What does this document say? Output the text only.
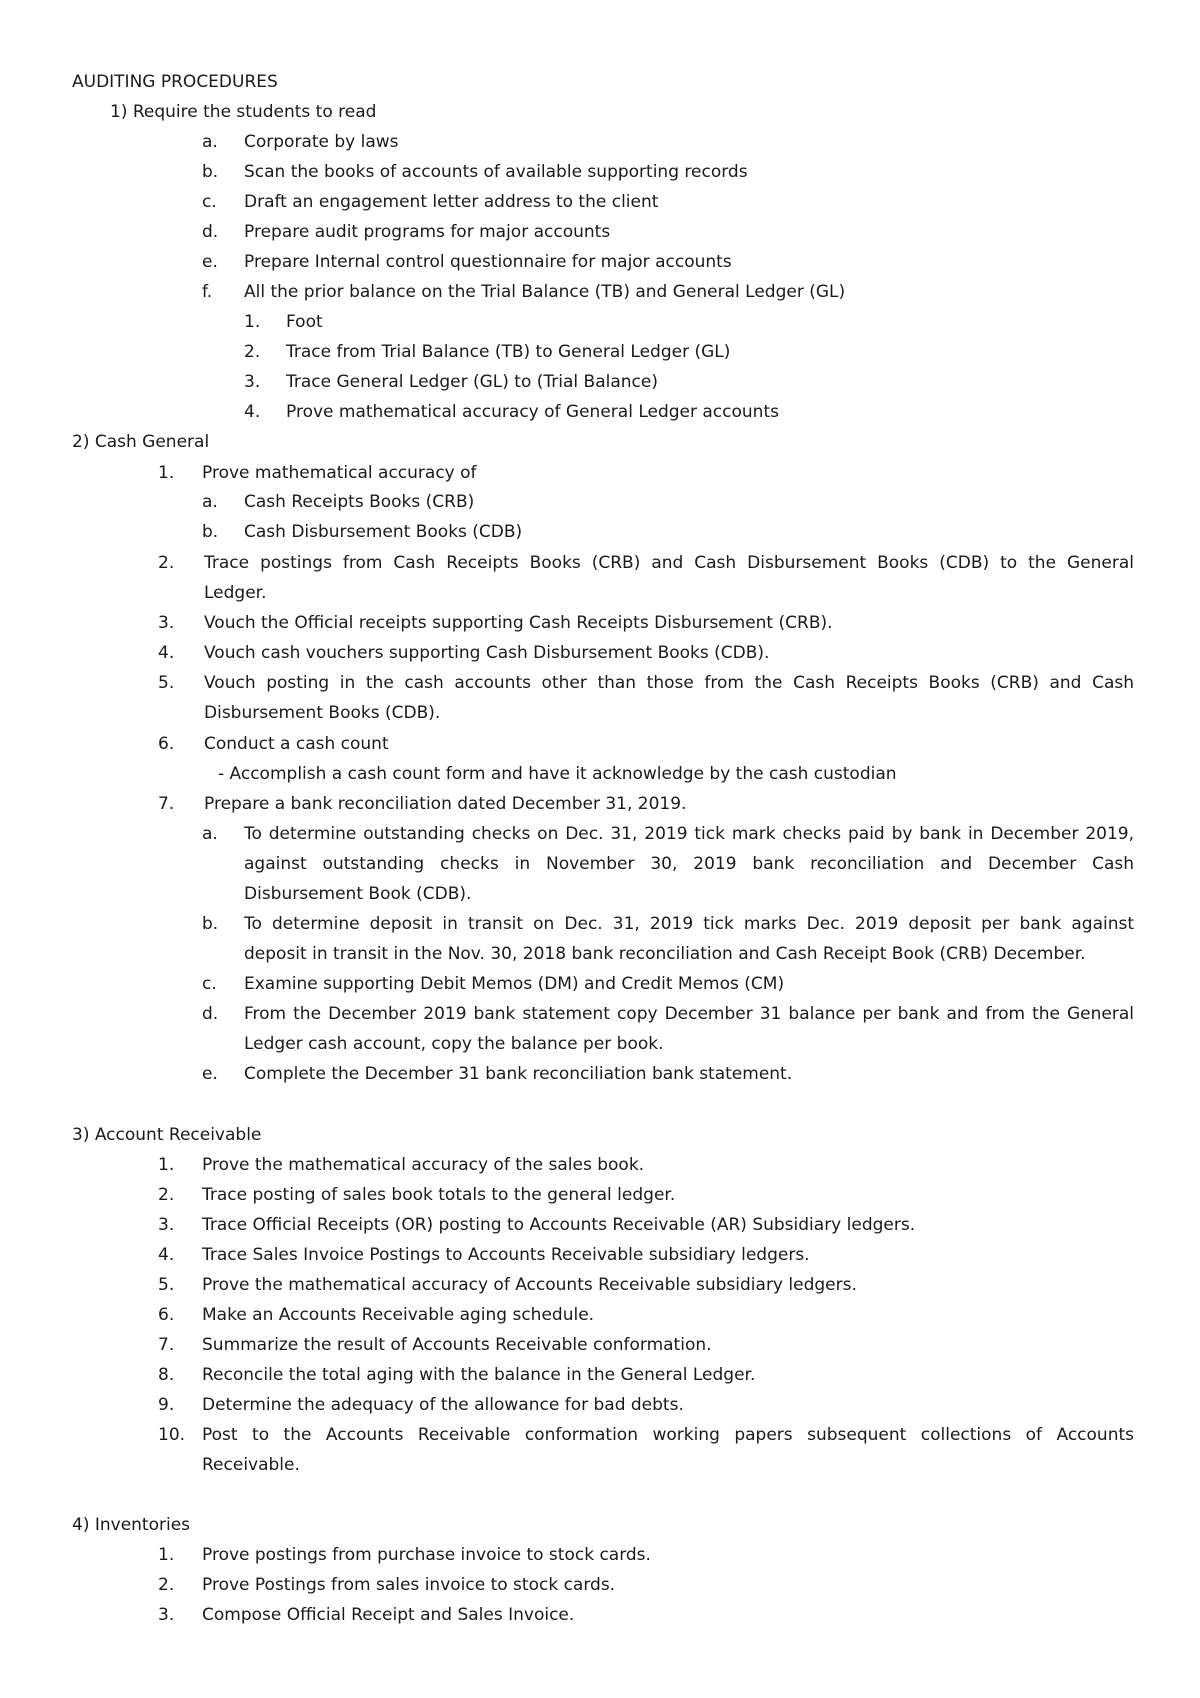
AUDITING PROCEDURES
1) Require the students to read
a. Corporate by laws
b. Scan the books of accounts of available supporting records
c. Draft an engagement letter address to the client
d. Prepare audit programs for major accounts
e. Prepare Internal control questionnaire for major accounts
f. All the prior balance on the Trial Balance (TB) and General Ledger (GL)
1. Foot
2. Trace from Trial Balance (TB) to General Ledger (GL)
3. Trace General Ledger (GL) to (Trial Balance)
4. Prove mathematical accuracy of General Ledger accounts
2) Cash General
1. Prove mathematical accuracy of
a. Cash Receipts Books (CRB)
b. Cash Disbursement Books (CDB)
2. Trace postings from Cash Receipts Books (CRB) and Cash Disbursement Books (CDB) to the General
Ledger.
3. Vouch the Official receipts supporting Cash Receipts Disbursement (CRB).
4. Vouch cash vouchers supporting Cash Disbursement Books (CDB).
5. Vouch posting in the cash accounts other than those from the Cash Receipts Books (CRB) and Cash
Disbursement Books (CDB).
6. Conduct a cash count
- Accomplish a cash count form and have it acknowledge by the cash custodian
7. Prepare a bank reconciliation dated December 31, 2019.
a. To determine outstanding checks on Dec. 31, 2019 tick mark checks paid by bank in December 2019,
against outstanding checks in November 30, 2019 bank reconciliation and December Cash
Disbursement Book (CDB).
b. To determine deposit in transit on Dec. 31, 2019 tick marks Dec. 2019 deposit per bank against
deposit in transit in the Nov. 30, 2018 bank reconciliation and Cash Receipt Book (CRB) December.
c. Examine supporting Debit Memos (DM) and Credit Memos (CM)
d. From the December 2019 bank statement copy December 31 balance per bank and from the General
Ledger cash account, copy the balance per book.
e. Complete the December 31 bank reconciliation bank statement.
3) Account Receivable
1. Prove the mathematical accuracy of the sales book.
2. Trace posting of sales book totals to the general ledger.
3. Trace Official Receipts (OR) posting to Accounts Receivable (AR) Subsidiary ledgers.
4. Trace Sales Invoice Postings to Accounts Receivable subsidiary ledgers.
5. Prove the mathematical accuracy of Accounts Receivable subsidiary ledgers.
6. Make an Accounts Receivable aging schedule.
7. Summarize the result of Accounts Receivable conformation.
8. Reconcile the total aging with the balance in the General Ledger.
9. Determine the adequacy of the allowance for bad debts.
10. Post to the Accounts Receivable conformation working papers subsequent collections of Accounts
Receivable.
4) Inventories
1. Prove postings from purchase invoice to stock cards.
2. Prove Postings from sales invoice to stock cards.
3. Compose Official Receipt and Sales Invoice.
